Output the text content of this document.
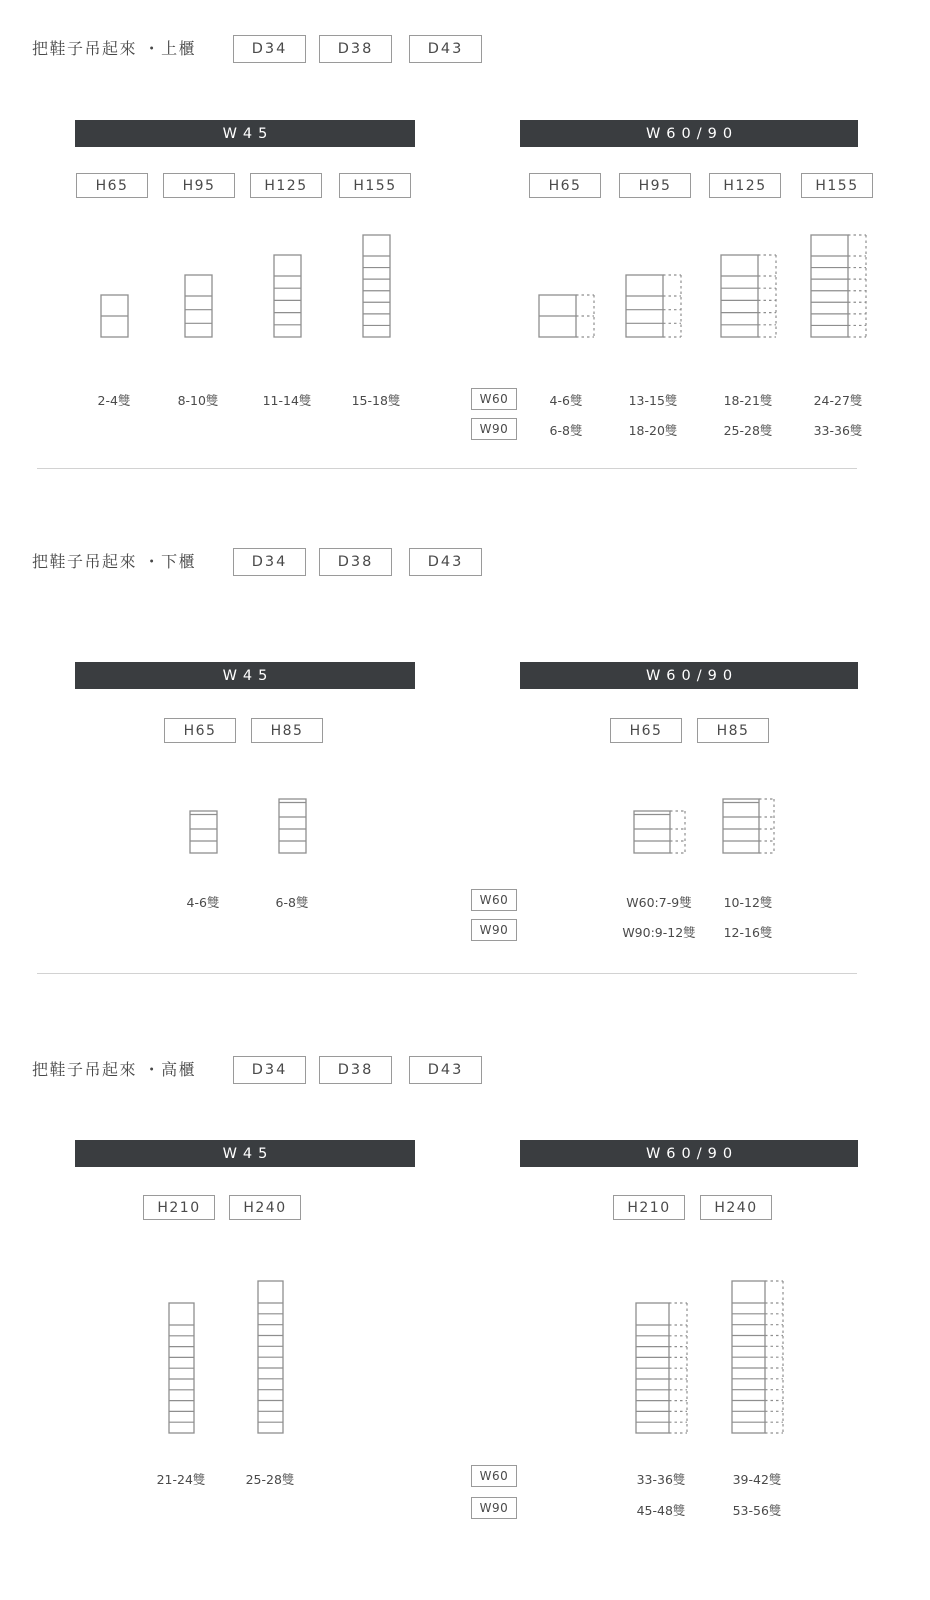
把鞋子吊起來 ・上櫃	D34	D38	D43
W45
H65	H95	H125	H155
2-4雙	8-10雙	11-14雙	15-18雙
W60/90
H65	H95	H125	H155
W60	4-6雙	13-15雙	18-21雙	24-27雙
W90	6-8雙	18-20雙	25-28雙	33-36雙
把鞋子吊起來 ・下櫃	D34	D38	D43
W45
H65	H85
4-6雙	6-8雙
W60/90
H65	H85
W60	W60:7-9雙	10-12雙
W90	W90:9-12雙	12-16雙
把鞋子吊起來 ・高櫃	D34	D38	D43
W45
H210	H240
21-24雙	25-28雙
W60/90
H210	H240
W60	33-36雙	39-42雙
W90	45-48雙	53-56雙
